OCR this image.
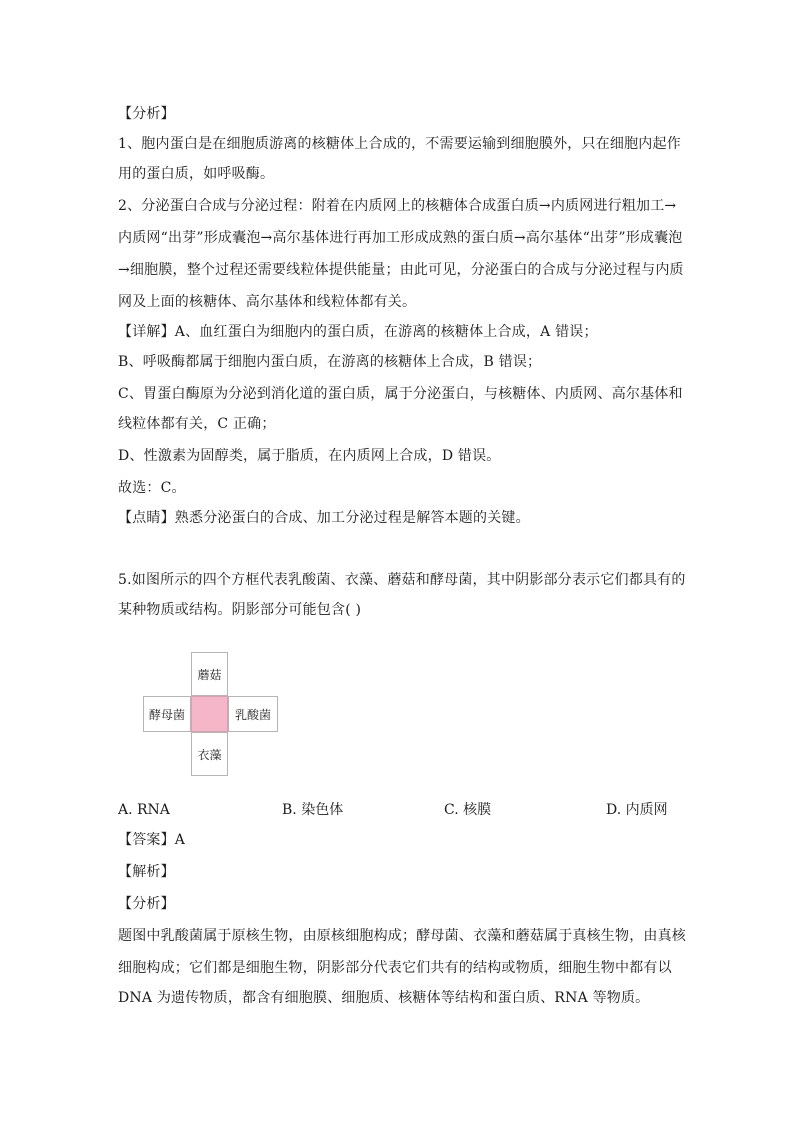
【分析】
1、胞内蛋白是在细胞质游离的核糖体上合成的，不需要运输到细胞膜外，只在细胞内起作
用的蛋白质，如呼吸酶。
2、分泌蛋白合成与分泌过程：附着在内质网上的核糖体合成蛋白质→内质网进行粗加工→
内质网“出芽”形成囊泡→高尔基体进行再加工形成成熟的蛋白质→高尔基体“出芽”形成囊泡
→细胞膜，整个过程还需要线粒体提供能量；由此可见，分泌蛋白的合成与分泌过程与内质
网及上面的核糖体、高尔基体和线粒体都有关。
【详解】A、血红蛋白为细胞内的蛋白质，在游离的核糖体上合成，A 错误；
B、呼吸酶都属于细胞内蛋白质，在游离的核糖体上合成，B 错误；
C、胃蛋白酶原为分泌到消化道的蛋白质，属于分泌蛋白，与核糖体、内质网、高尔基体和
线粒体都有关，C 正确；
D、性激素为固醇类，属于脂质，在内质网上合成，D 错误。
故选：C。
【点睛】熟悉分泌蛋白的合成、加工分泌过程是解答本题的关键。
5.如图所示的四个方框代表乳酸菌、衣藻、蘑菇和酵母菌，其中阴影部分表示它们都具有的
某种物质或结构。阴影部分可能包含( )
蘑菇
酵母菌	乳酸菌
衣藻
A. RNA	B. 染色体	C. 核膜	D. 内质网
【答案】A
【解析】
【分析】
题图中乳酸菌属于原核生物，由原核细胞构成；酵母菌、衣藻和蘑菇属于真核生物，由真核
细胞构成；它们都是细胞生物，阴影部分代表它们共有的结构或物质，细胞生物中都有以
DNA 为遗传物质，都含有细胞膜、细胞质、核糖体等结构和蛋白质、RNA 等物质。
